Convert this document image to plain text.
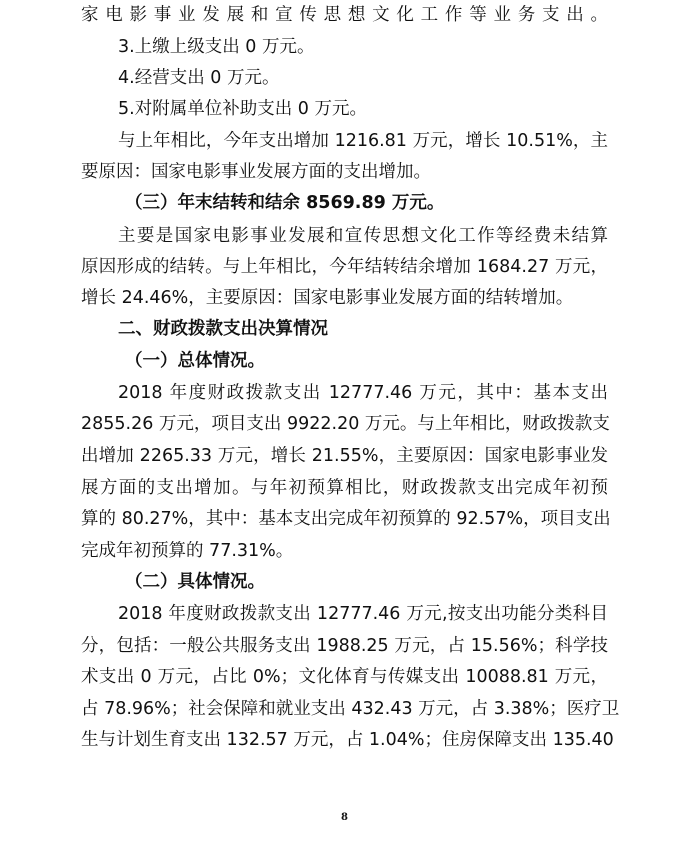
家电影事业发展和宣传思想文化工作等业务支出。
3.上缴上级支出 0 万元。
4.经营支出 0 万元。
5.对附属单位补助支出 0 万元。
与上年相比，今年支出增加 1216.81 万元，增长 10.51%，主
要原因：国家电影事业发展方面的支出增加。
（三）年末结转和结余 8569.89 万元。
主要是国家电影事业发展和宣传思想文化工作等经费未结算
原因形成的结转。与上年相比，今年结转结余增加 1684.27 万元，
增长 24.46%，主要原因：国家电影事业发展方面的结转增加。
二、财政拨款支出决算情况
（一）总体情况。
2018 年度财政拨款支出 12777.46 万元，其中：基本支出
2855.26 万元，项目支出 9922.20 万元。与上年相比，财政拨款支
出增加 2265.33 万元，增长 21.55%，主要原因：国家电影事业发
展方面的支出增加。与年初预算相比，财政拨款支出完成年初预
算的 80.27%，其中：基本支出完成年初预算的 92.57%，项目支出
完成年初预算的 77.31%。
（二）具体情况。
2018 年度财政拨款支出 12777.46 万元,按支出功能分类科目
分，包括：一般公共服务支出 1988.25 万元，占 15.56%；科学技
术支出 0 万元，占比 0%；文化体育与传媒支出 10088.81 万元，
占 78.96%；社会保障和就业支出 432.43 万元，占 3.38%；医疗卫
生与计划生育支出 132.57 万元，占 1.04%；住房保障支出 135.40
8
